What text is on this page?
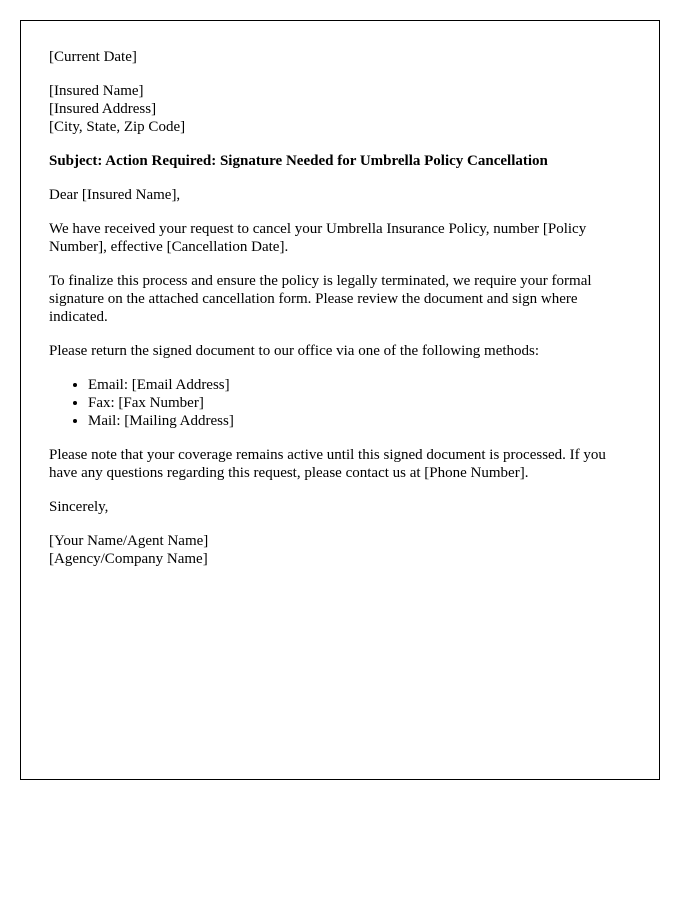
[Current Date]

[Insured Name]
[Insured Address]
[City, State, Zip Code]

Subject: Action Required: Signature Needed for Umbrella Policy Cancellation

Dear [Insured Name],

We have received your request to cancel your Umbrella Insurance Policy, number [Policy Number], effective [Cancellation Date].

To finalize this process and ensure the policy is legally terminated, we require your formal signature on the attached cancellation form. Please review the document and sign where indicated.

Please return the signed document to our office via one of the following methods:

• Email: [Email Address]
• Fax: [Fax Number]
• Mail: [Mailing Address]

Please note that your coverage remains active until this signed document is processed. If you have any questions regarding this request, please contact us at [Phone Number].

Sincerely,

[Your Name/Agent Name]
[Agency/Company Name]
